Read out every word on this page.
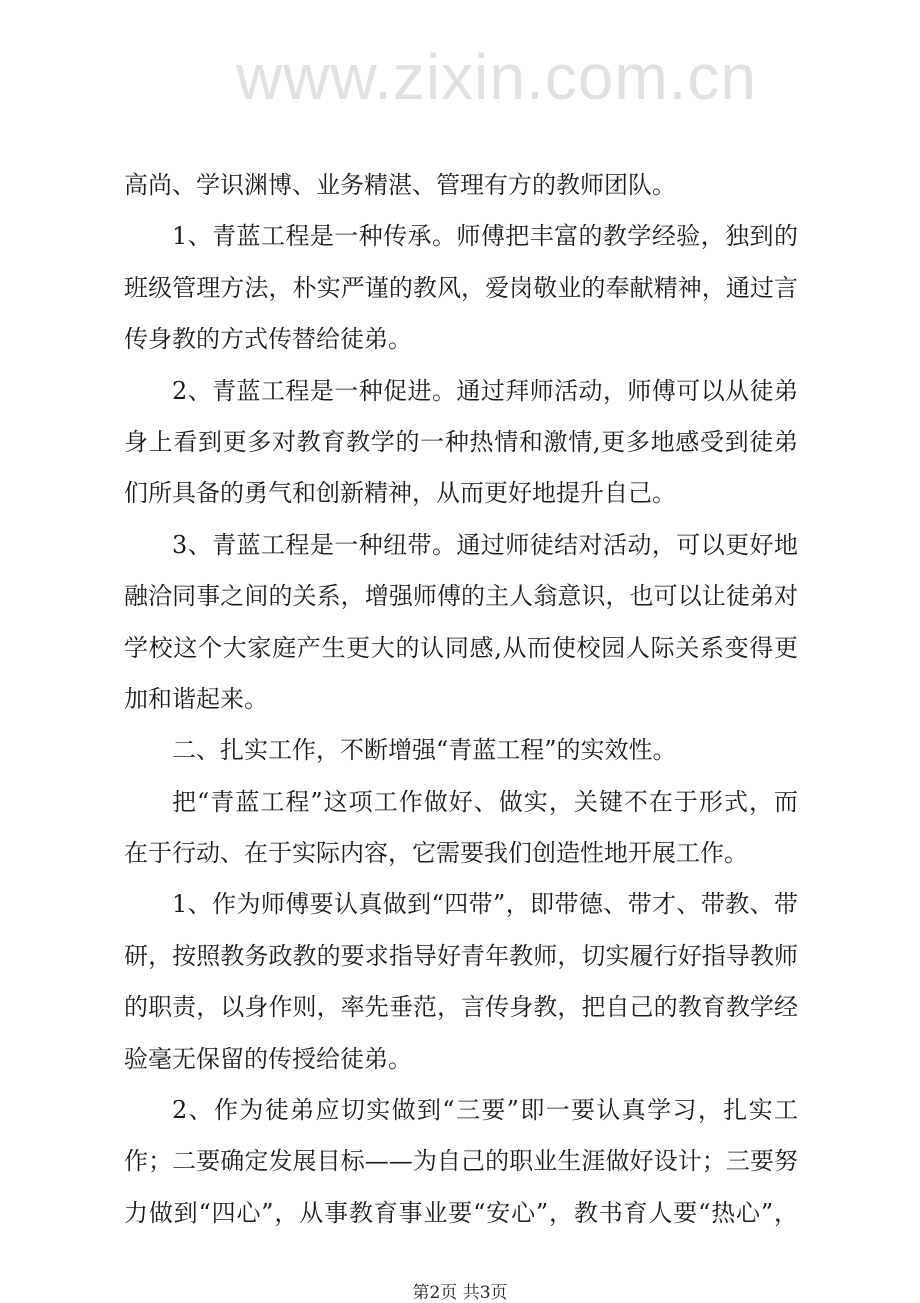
www.zixin.com.cn
高尚、学识渊博、业务精湛、管理有方的教师团队。
1、青蓝工程是一种传承。师傅把丰富的教学经验，独到的
班级管理方法，朴实严谨的教风，爱岗敬业的奉献精神，通过言
传身教的方式传替给徒弟。
2、青蓝工程是一种促进。通过拜师活动，师傅可以从徒弟
身上看到更多对教育教学的一种热情和激情,更多地感受到徒弟
们所具备的勇气和创新精神，从而更好地提升自己。
3、青蓝工程是一种纽带。通过师徒结对活动，可以更好地
融洽同事之间的关系，增强师傅的主人翁意识，也可以让徒弟对
学校这个大家庭产生更大的认同感,从而使校园人际关系变得更
加和谐起来。
二、扎实工作，不断增强“青蓝工程”的实效性。
把“青蓝工程”这项工作做好、做实，关键不在于形式，而
在于行动、在于实际内容，它需要我们创造性地开展工作。
1、作为师傅要认真做到“四带”，即带德、带才、带教、带
研，按照教务政教的要求指导好青年教师，切实履行好指导教师
的职责，以身作则，率先垂范，言传身教，把自己的教育教学经
验毫无保留的传授给徒弟。
2、作为徒弟应切实做到“三要”即一要认真学习，扎实工
作；二要确定发展目标——为自己的职业生涯做好设计；三要努
力做到“四心”，从事教育事业要“安心”，教书育人要“热心”，
第2页 共3页
